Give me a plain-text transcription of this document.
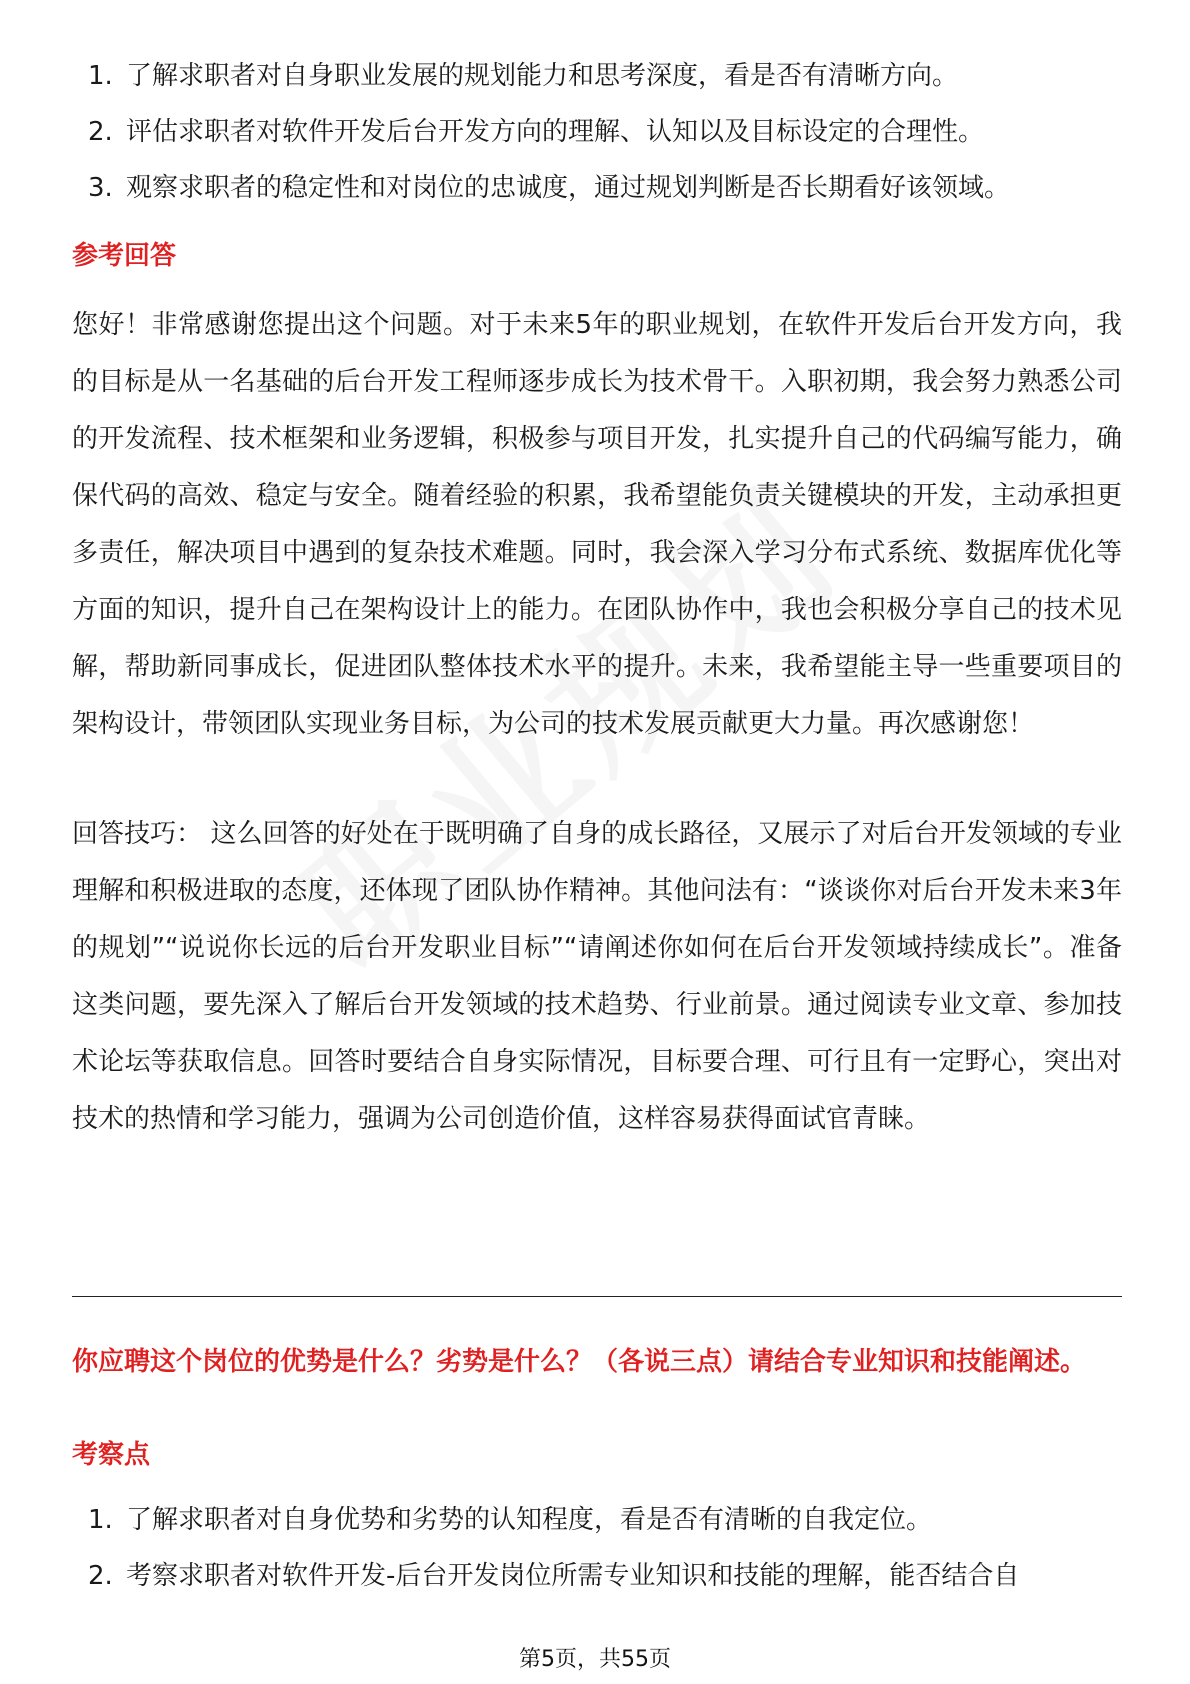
1. 了解求职者对自身职业发展的规划能力和思考深度，看是否有清晰方向。
2. 评估求职者对软件开发后台开发方向的理解、认知以及目标设定的合理性。
3. 观察求职者的稳定性和对岗位的忠诚度，通过规划判断是否长期看好该领域。
参考回答

您好！非常感谢您提出这个问题。对于未来5年的职业规划，在软件开发后台开发方向，我的目标是从一名基础的后台开发工程师逐步成长为技术骨干。入职初期，我会努力熟悉公司的开发流程、技术框架和业务逻辑，积极参与项目开发，扎实提升自己的代码编写能力，确保代码的高效、稳定与安全。随着经验的积累，我希望能负责关键模块的开发，主动承担更多责任，解决项目中遇到的复杂技术难题。同时，我会深入学习分布式系统、数据库优化等方面的知识，提升自己在架构设计上的能力。在团队协作中，我也会积极分享自己的技术见解，帮助新同事成长，促进团队整体技术水平的提升。未来，我希望能主导一些重要项目的架构设计，带领团队实现业务目标，为公司的技术发展贡献更大力量。再次感谢您！

回答技巧： 这么回答的好处在于既明确了自身的成长路径，又展示了对后台开发领域的专业理解和积极进取的态度，还体现了团队协作精神。其他问法有：“谈谈你对后台开发未来3年的规划”“说说你长远的后台开发职业目标”“请阐述你如何在后台开发领域持续成长”。准备这类问题，要先深入了解后台开发领域的技术趋势、行业前景。通过阅读专业文章、参加技术论坛等获取信息。回答时要结合自身实际情况，目标要合理、可行且有一定野心，突出对技术的热情和学习能力，强调为公司创造价值，这样容易获得面试官青睐。

你应聘这个岗位的优势是什么？劣势是什么？（各说三点）请结合专业知识和技能阐述。
考察点
1. 了解求职者对自身优势和劣势的认知程度，看是否有清晰的自我定位。
2. 考察求职者对软件开发-后台开发岗位所需专业知识和技能的理解，能否结合自
第5页，共55页
